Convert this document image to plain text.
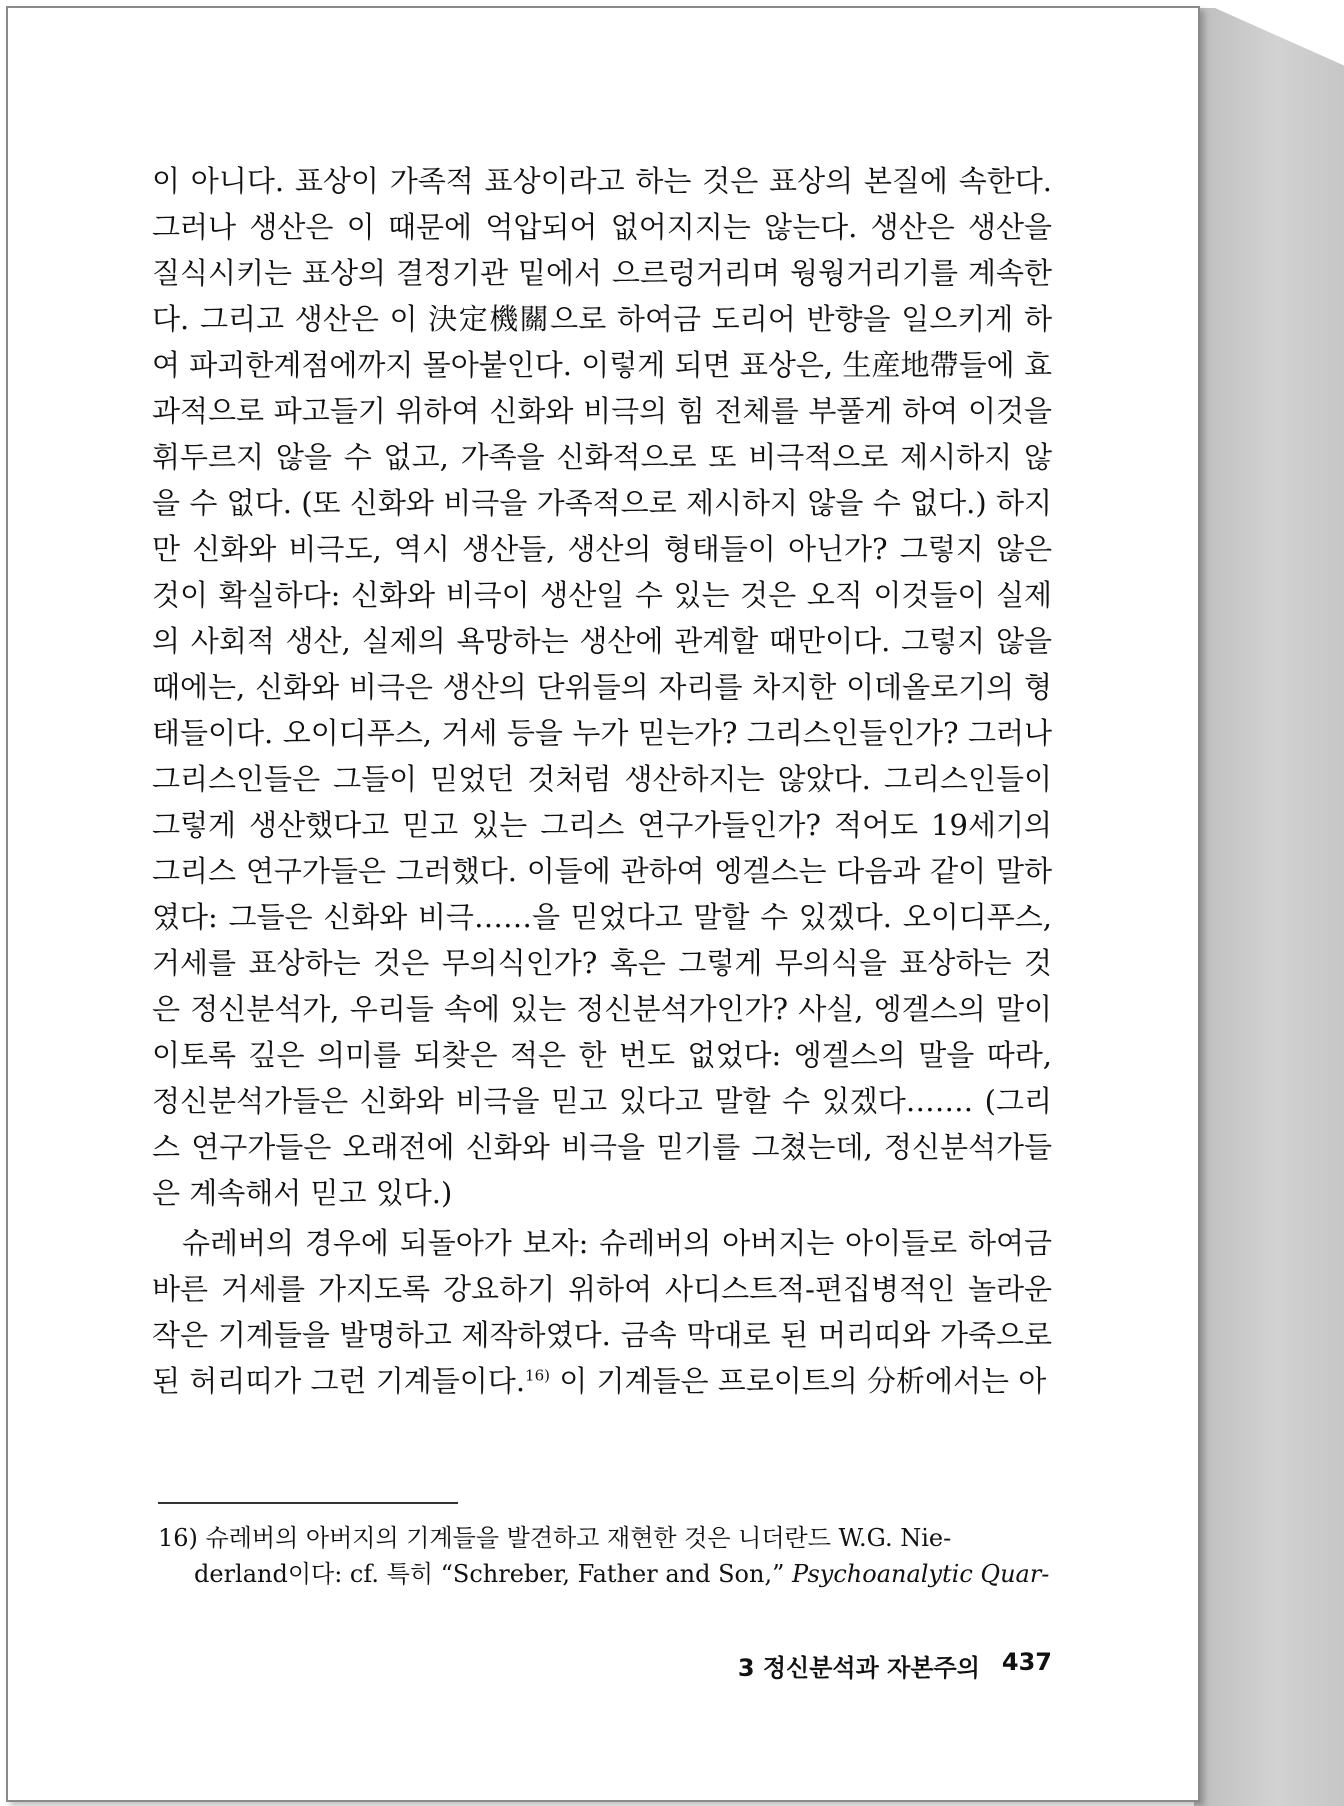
이 아니다. 표상이 가족적 표상이라고 하는 것은 표상의 본질에 속한다. 그러나 생산은 이 때문에 억압되어 없어지지는 않는다. 생산은 생산을 질식시키는 표상의 결정기관 밑에서 으르렁거리며 웡웡거리기를 계속한다. 그리고 생산은 이 決定機關으로 하여금 도리어 반향을 일으키게 하여 파괴한계점에까지 몰아붙인다. 이렇게 되면 표상은, 生産地帶들에 효과적으로 파고들기 위하여 신화와 비극의 힘 전체를 부풀게 하여 이것을 휘두르지 않을 수 없고, 가족을 신화적으로 또 비극적으로 제시하지 않을 수 없다. (또 신화와 비극을 가족적으로 제시하지 않을 수 없다.) 하지만 신화와 비극도, 역시 생산들, 생산의 형태들이 아닌가? 그렇지 않은 것이 확실하다: 신화와 비극이 생산일 수 있는 것은 오직 이것들이 실제의 사회적 생산, 실제의 욕망하는 생산에 관계할 때만이다. 그렇지 않을 때에는, 신화와 비극은 생산의 단위들의 자리를 차지한 이데올로기의 형태들이다. 오이디푸스, 거세 등을 누가 믿는가? 그리스인들인가? 그러나 그리스인들은 그들이 믿었던 것처럼 생산하지는 않았다. 그리스인들이 그렇게 생산했다고 믿고 있는 그리스 연구가들인가? 적어도 19세기의 그리스 연구가들은 그러했다. 이들에 관하여 엥겔스는 다음과 같이 말하였다: 그들은 신화와 비극……을 믿었다고 말할 수 있겠다. 오이디푸스, 거세를 표상하는 것은 무의식인가? 혹은 그렇게 무의식을 표상하는 것은 정신분석가, 우리들 속에 있는 정신분석가인가? 사실, 엥겔스의 말이 이토록 깊은 의미를 되찾은 적은 한 번도 없었다: 엥겔스의 말을 따라, 정신분석가들은 신화와 비극을 믿고 있다고 말할 수 있겠다……. (그리스 연구가들은 오래전에 신화와 비극을 믿기를 그쳤는데, 정신분석가들은 계속해서 믿고 있다.)

슈레버의 경우에 되돌아가 보자: 슈레버의 아버지는 아이들로 하여금 바른 거세를 가지도록 강요하기 위하여 사디스트적-편집병적인 놀라운 작은 기계들을 발명하고 제작하였다. 금속 막대로 된 머리띠와 가죽으로 된 허리띠가 그런 기계들이다.$^{16)}$ 이 기계들은 프로이트의 分析에서는 아

16) 슈레버의 아버지의 기계들을 발견하고 재현한 것은 니더란드 W.G. Nie-
derland이다: cf. 특히 “Schreber, Father and Son,” Psychoanalytic Quar-
3 정신분석과 자본주의 437
